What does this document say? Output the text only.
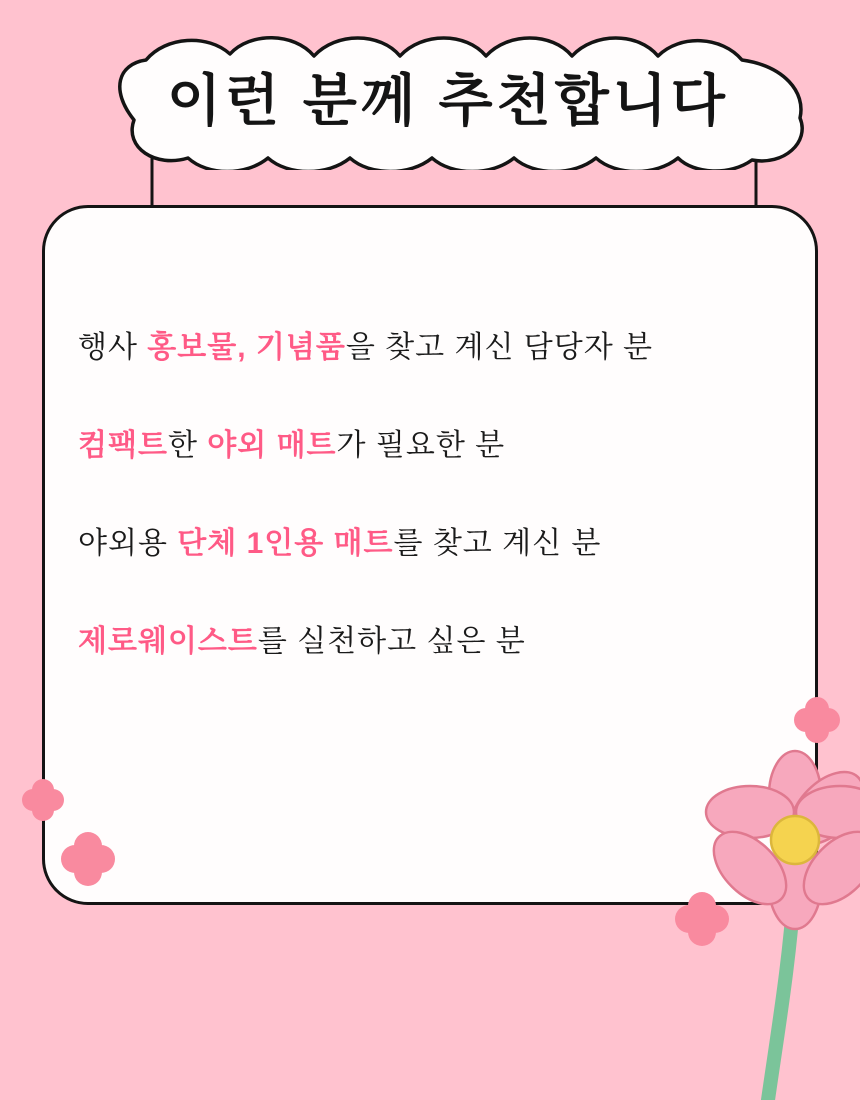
이런 분께 추천합니다
행사 홍보물, 기념품을 찾고 계신 담당자 분
컴팩트한 야외 매트가 필요한 분
야외용 단체 1인용 매트를 찾고 계신 분
제로웨이스트를 실천하고 싶은 분
